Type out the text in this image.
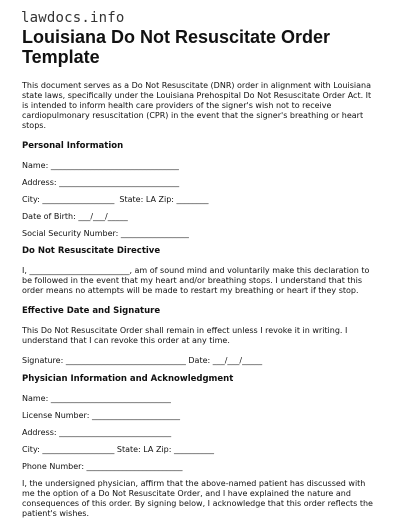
lawdocs.info
Louisiana Do Not Resuscitate Order Template

This document serves as a Do Not Resuscitate (DNR) order in alignment with Louisiana state laws, specifically under the Louisiana Prehospital Do Not Resuscitate Order Act. It is intended to inform health care providers of the signer's wish not to receive cardiopulmonary resuscitation (CPR) in the event that the signer's breathing or heart stops.

Personal Information
Name: ________________________________
Address: ______________________________
City: __________________  State: LA Zip: ________
Date of Birth: ___/___/_____
Social Security Number: _________________
Do Not Resuscitate Directive

I, _________________________, am of sound mind and voluntarily make this declaration to be followed in the event that my heart and/or breathing stops. I understand that this order means no attempts will be made to restart my breathing or heart if they stop.

Effective Date and Signature

This Do Not Resuscitate Order shall remain in effect unless I revoke it in writing. I understand that I can revoke this order at any time.

Signature: ______________________________ Date: ___/___/_____
Physician Information and Acknowledgment
Name: ______________________________
License Number: ______________________
Address: ____________________________
City: __________________ State: LA Zip: __________
Phone Number: ________________________

I, the undersigned physician, affirm that the above-named patient has discussed with me the option of a Do Not Resuscitate Order, and I have explained the nature and consequences of this order. By signing below, I acknowledge that this order reflects the patient's wishes.
